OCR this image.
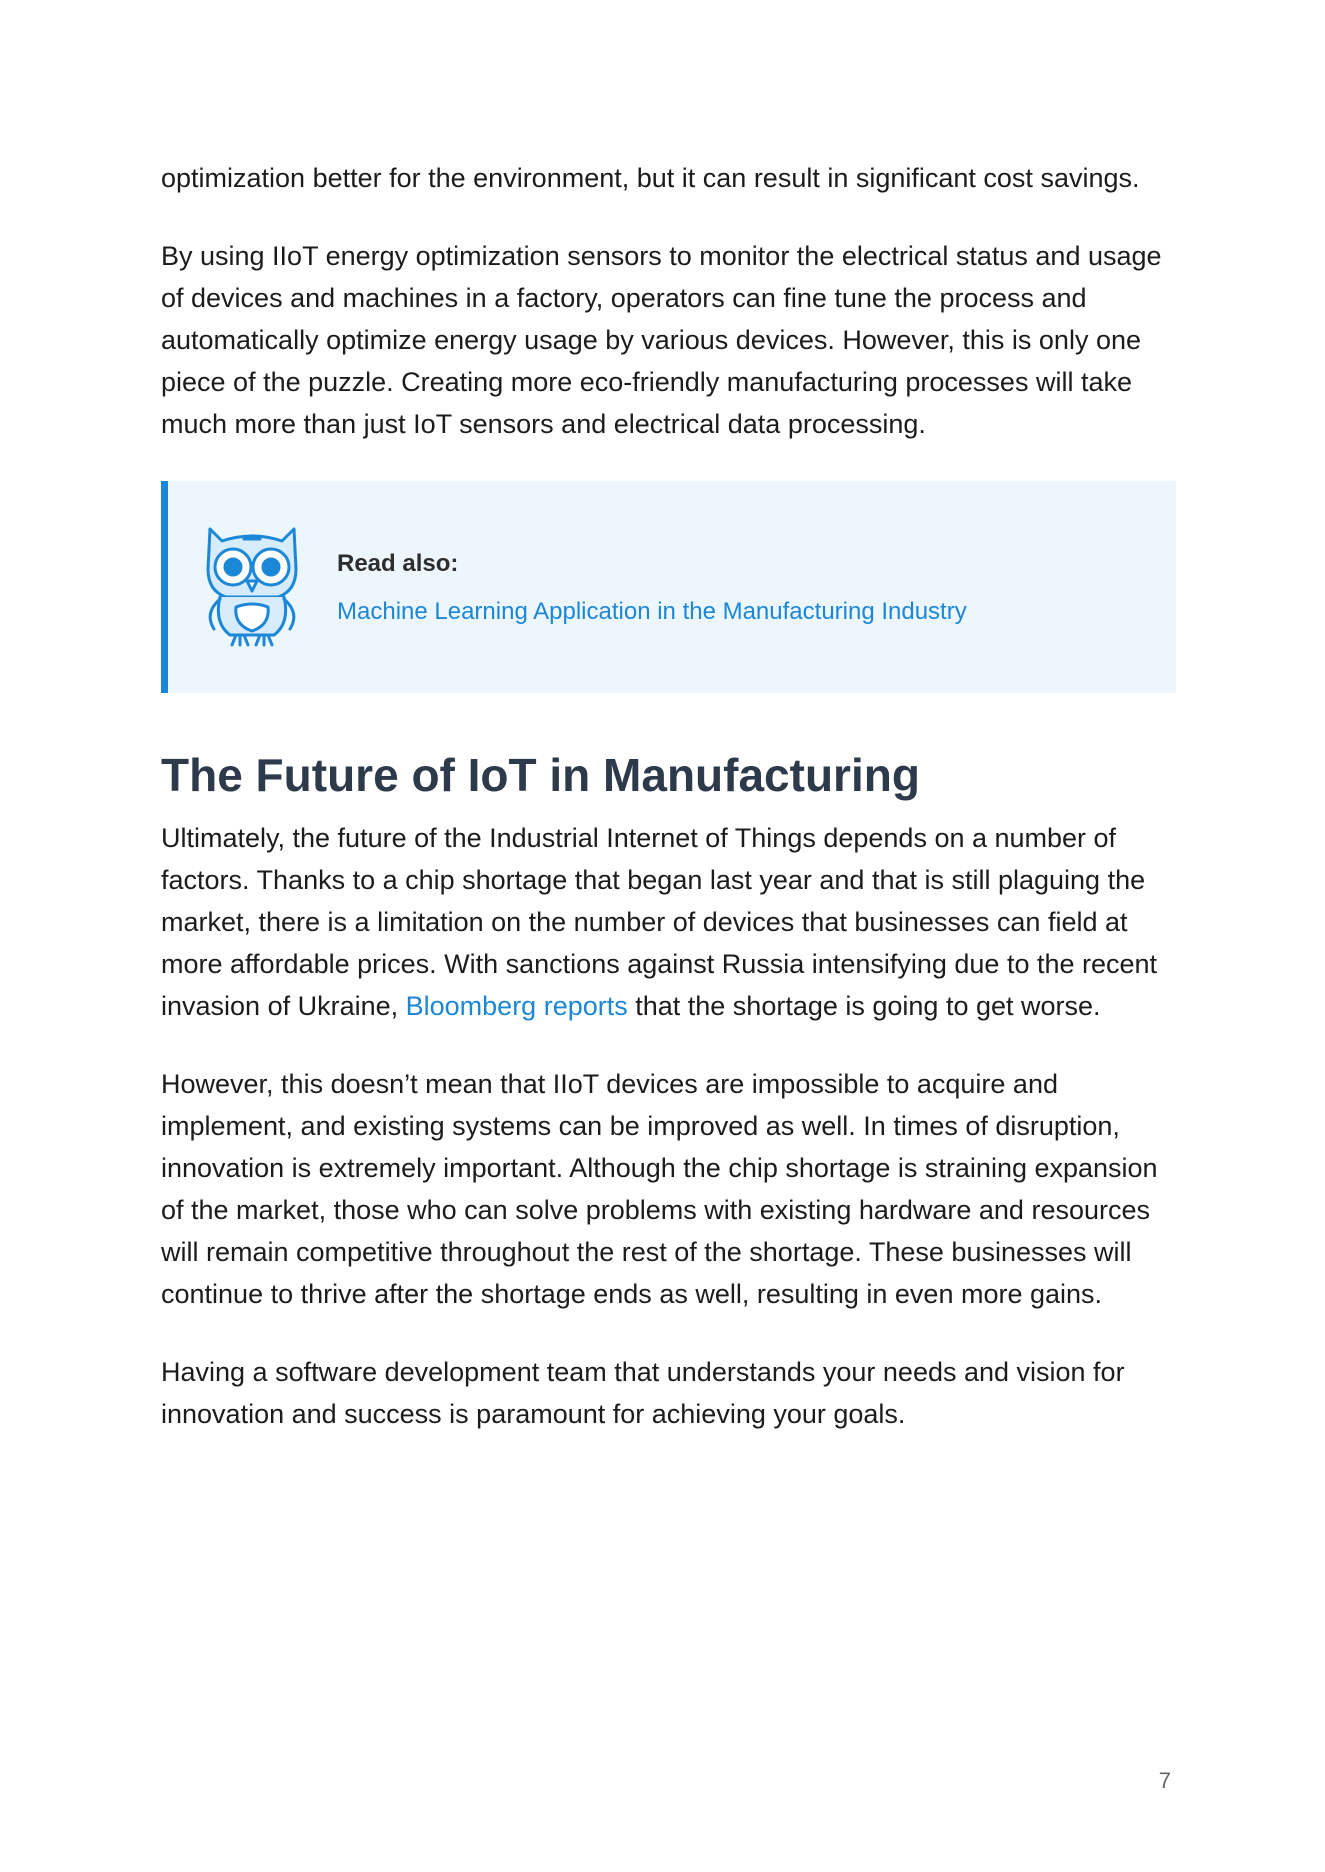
optimization better for the environment, but it can result in significant cost savings.

By using IIoT energy optimization sensors to monitor the electrical status and usage of devices and machines in a factory, operators can fine tune the process and automatically optimize energy usage by various devices. However, this is only one piece of the puzzle. Creating more eco-friendly manufacturing processes will take much more than just IoT sensors and electrical data processing.

Read also:
Machine Learning Application in the Manufacturing Industry
The Future of IoT in Manufacturing

Ultimately, the future of the Industrial Internet of Things depends on a number of factors. Thanks to a chip shortage that began last year and that is still plaguing the market, there is a limitation on the number of devices that businesses can field at more affordable prices. With sanctions against Russia intensifying due to the recent invasion of Ukraine, Bloomberg reports that the shortage is going to get worse.

However, this doesn’t mean that IIoT devices are impossible to acquire and implement, and existing systems can be improved as well. In times of disruption, innovation is extremely important. Although the chip shortage is straining expansion of the market, those who can solve problems with existing hardware and resources will remain competitive throughout the rest of the shortage. These businesses will continue to thrive after the shortage ends as well, resulting in even more gains.

Having a software development team that understands your needs and vision for innovation and success is paramount for achieving your goals.

7
